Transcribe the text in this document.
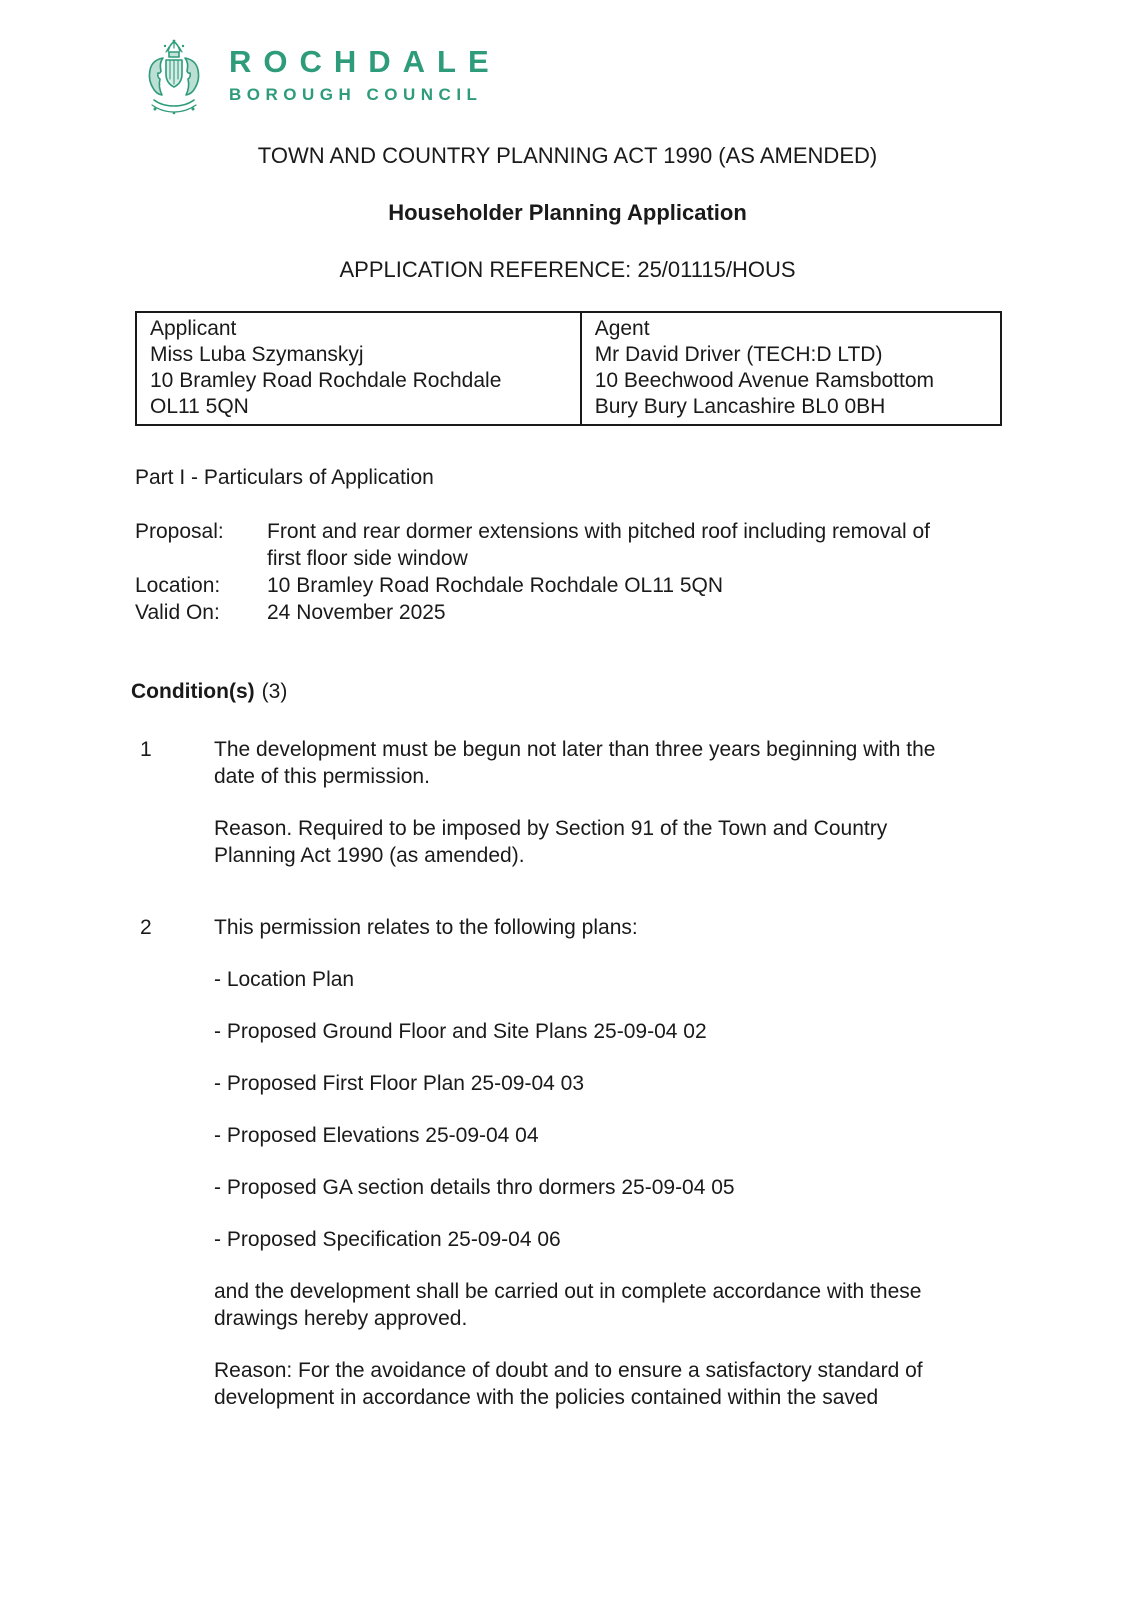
ROCHDALE
BOROUGH COUNCIL
TOWN AND COUNTRY PLANNING ACT 1990 (AS AMENDED)
Householder Planning Application
APPLICATION REFERENCE: 25/01115/HOUS
Applicant
Miss Luba Szymanskyj
10 Bramley Road Rochdale Rochdale
OL11 5QN

Agent
Mr David Driver (TECH:D LTD)
10 Beechwood Avenue Ramsbottom
Bury Bury Lancashire BL0 0BH
Part I - Particulars of Application
Proposal:	Front and rear dormer extensions with pitched roof including removal of first floor side window
Location:	10 Bramley Road Rochdale Rochdale OL11 5QN
Valid On:	24 November 2025
Condition(s) (3)
1	The development must be begun not later than three years beginning with the date of this permission.

Reason. Required to be imposed by Section 91 of the Town and Country Planning Act 1990 (as amended).

2	This permission relates to the following plans:

- Location Plan

- Proposed Ground Floor and Site Plans 25-09-04 02

- Proposed First Floor Plan 25-09-04 03

- Proposed Elevations 25-09-04 04

- Proposed GA section details thro dormers 25-09-04 05

- Proposed Specification 25-09-04 06

and the development shall be carried out in complete accordance with these drawings hereby approved.

Reason: For the avoidance of doubt and to ensure a satisfactory standard of development in accordance with the policies contained within the saved
